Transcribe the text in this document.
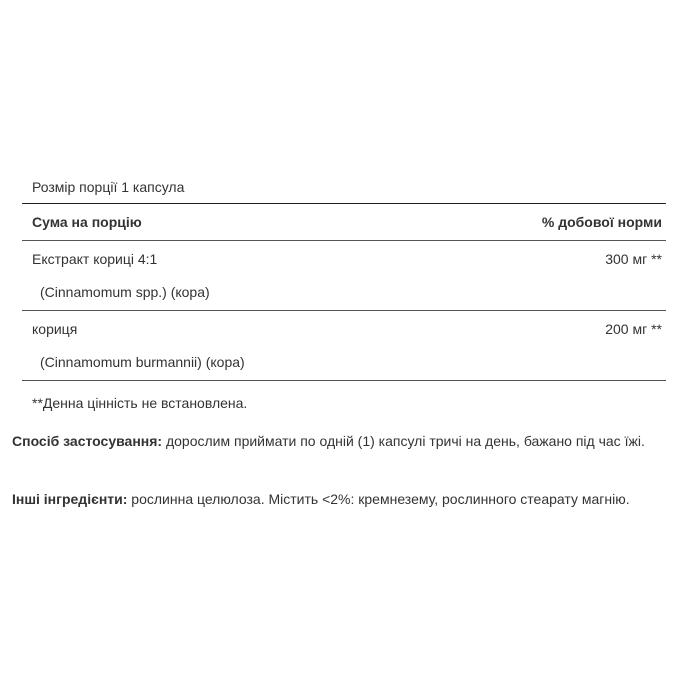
Розмір порції 1 капсула
Сума на порцію	% добової норми
Екстракт кориці 4:1	300 мг **
(Cinnamomum spp.) (кора)
кориця	200 мг **
(Cinnamomum burmannii) (кора)
**Денна цінність не встановлена.
Спосіб застосування: дорослим приймати по одній (1) капсулі тричі на день, бажано під час їжі.
Інші інгредієнти: рослинна целюлоза. Містить <2%: кремнезему, рослинного стеарату магнію.
